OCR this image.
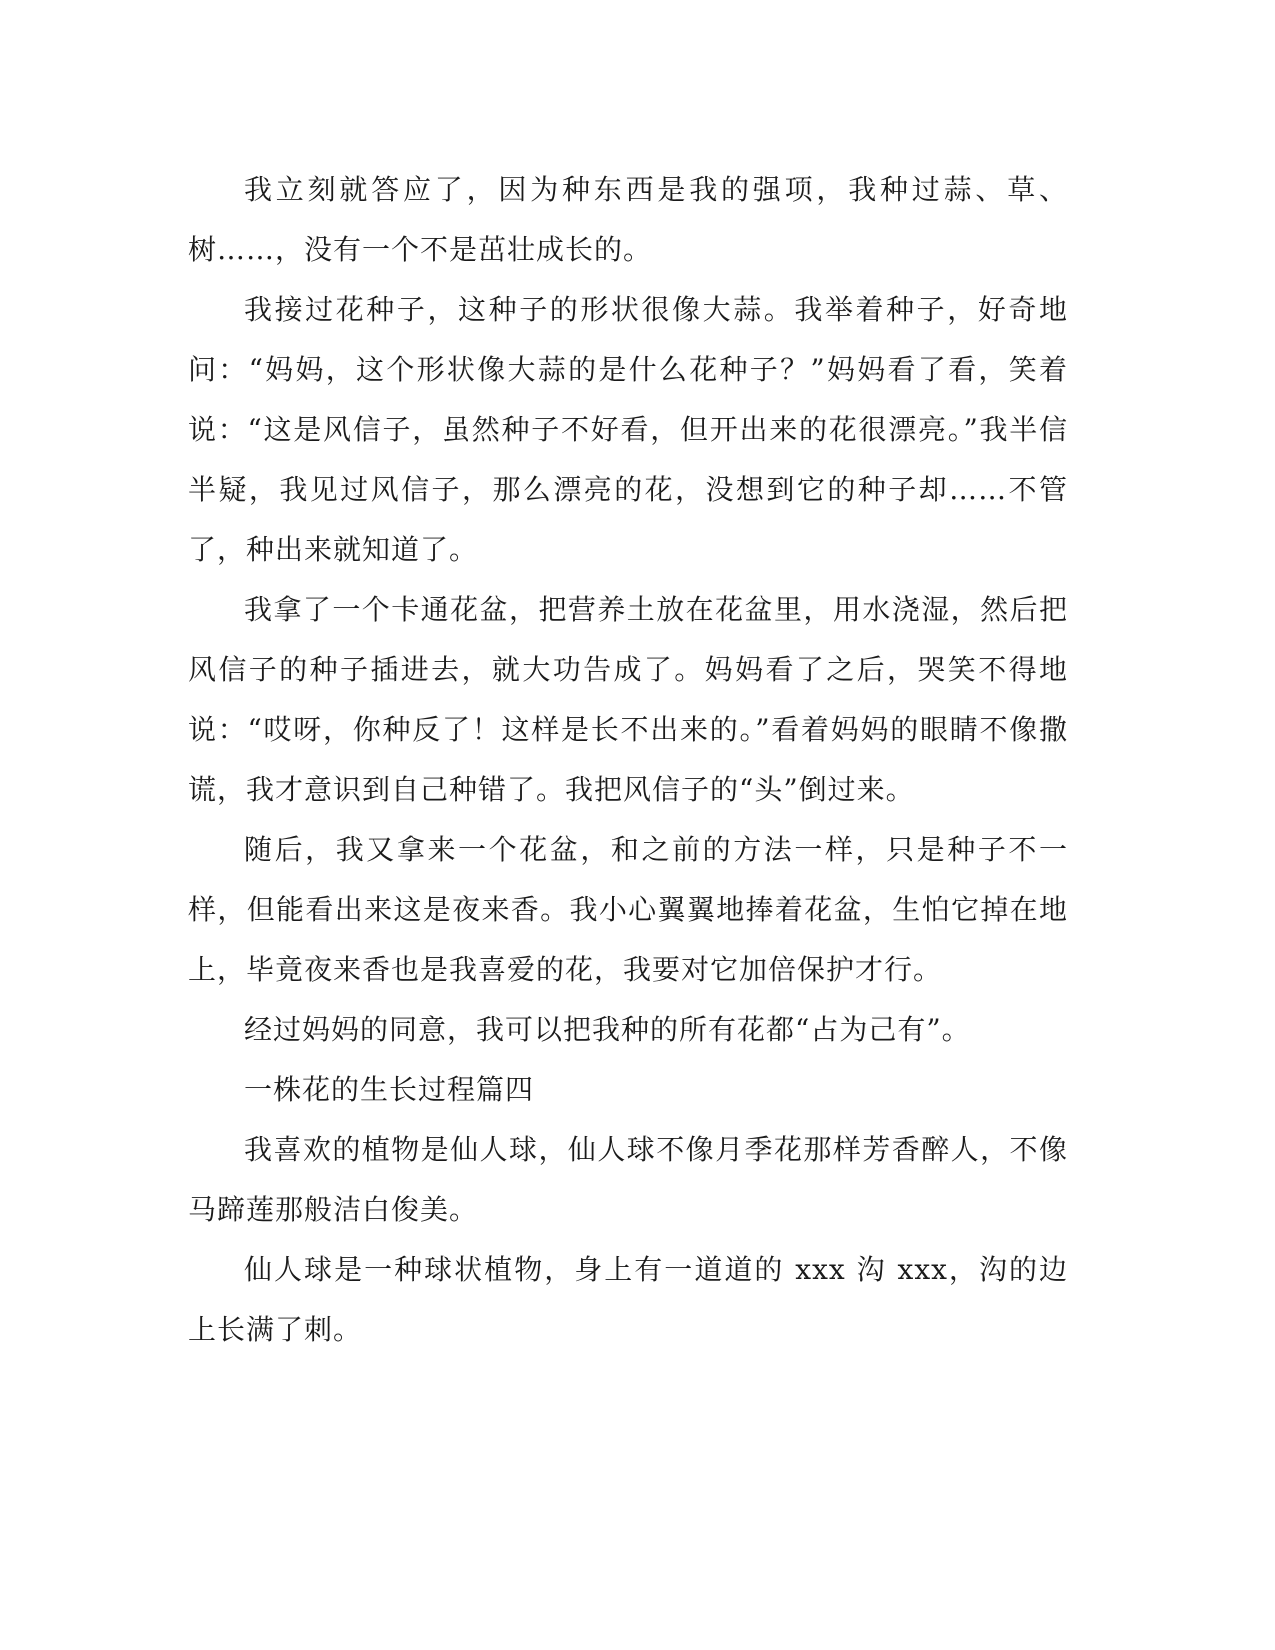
我立刻就答应了，因为种东西是我的强项，我种过蒜、草、树……，没有一个不是茁壮成长的。

我接过花种子，这种子的形状很像大蒜。我举着种子，好奇地问：“妈妈，这个形状像大蒜的是什么花种子？”妈妈看了看，笑着说：“这是风信子，虽然种子不好看，但开出来的花很漂亮。”我半信半疑，我见过风信子，那么漂亮的花，没想到它的种子却……不管了，种出来就知道了。

我拿了一个卡通花盆，把营养土放在花盆里，用水浇湿，然后把风信子的种子插进去，就大功告成了。妈妈看了之后，哭笑不得地说：“哎呀，你种反了！这样是长不出来的。”看着妈妈的眼睛不像撒谎，我才意识到自己种错了。我把风信子的“头”倒过来。

随后，我又拿来一个花盆，和之前的方法一样，只是种子不一样，但能看出来这是夜来香。我小心翼翼地捧着花盆，生怕它掉在地上，毕竟夜来香也是我喜爱的花，我要对它加倍保护才行。

经过妈妈的同意，我可以把我种的所有花都“占为己有”。

一株花的生长过程篇四

我喜欢的植物是仙人球，仙人球不像月季花那样芳香醉人，不像马蹄莲那般洁白俊美。

仙人球是一种球状植物，身上有一道道的 xxx 沟 xxx，沟的边上长满了刺。
